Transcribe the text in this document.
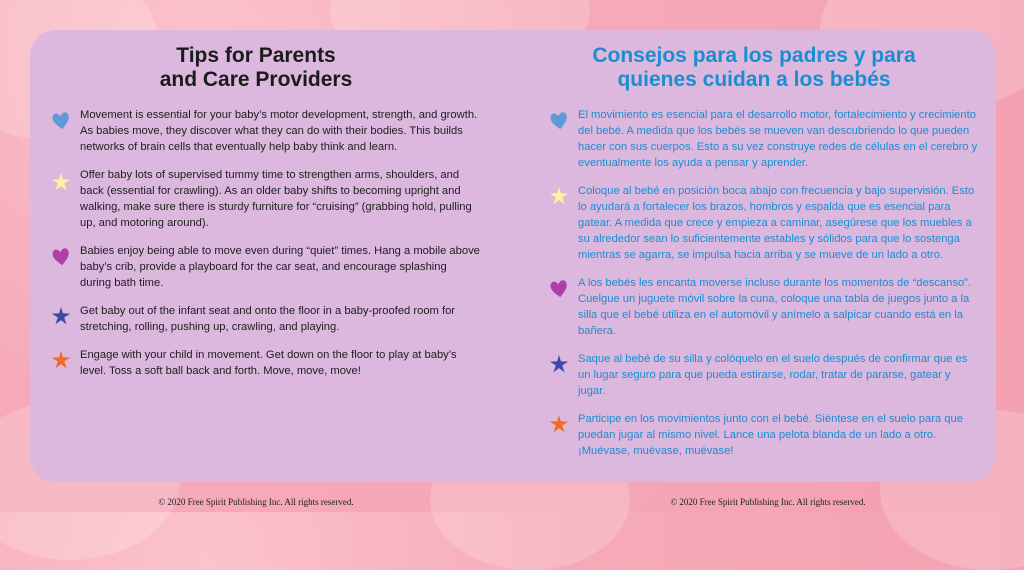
Tips for Parents
and Care Providers

Movement is essential for your baby’s motor development, strength, and growth. As babies move, they discover what they can do with their bodies. This builds networks of brain cells that eventually help baby think and learn.

Offer baby lots of supervised tummy time to strengthen arms, shoulders, and back (essential for crawling). As an older baby shifts to becoming upright and walking, make sure there is sturdy furniture for “cruising” (grabbing hold, pulling up, and motoring around).

Babies enjoy being able to move even during “quiet” times. Hang a mobile above baby’s crib, provide a playboard for the car seat, and encourage splashing during bath time.

Get baby out of the infant seat and onto the floor in a baby-proofed room for stretching, rolling, pushing up, crawling, and playing.

Engage with your child in movement. Get down on the floor to play at baby’s level. Toss a soft ball back and forth. Move, move, move!

Consejos para los padres y para
quienes cuidan a los bebés

El movimiento es esencial para el desarrollo motor, fortalecimiento y crecimiento del bebé. A medida que los bebés se mueven van descubriendo lo que pueden hacer con sus cuerpos. Esto a su vez construye redes de células en el cerebro y eventualmente los ayuda a pensar y aprender.

Coloque al bebé en posición boca abajo con frecuencia y bajo supervisión. Esto lo ayudará a fortalecer los brazos, hombros y espalda que es esencial para gatear. A medida que crece y empieza a caminar, asegúrese que los muebles a su alrededor sean lo suficientemente estables y sólidos para que lo sostenga mientras se agarra, se impulsa hacia arriba y se mueve de un lado a otro.

A los bebés les encanta moverse incluso durante los momentos de “descanso”. Cuelgue un juguete móvil sobre la cuna, coloque una tabla de juegos junto a la silla que el bebé utiliza en el automóvil y anímelo a salpicar cuando está en la bañera.

Saque al bebé de su silla y colóquelo en el suelo después de confirmar que es un lugar seguro para que pueda estirarse, rodar, tratar de pararse, gatear y jugar.

Participe en los movimientos junto con el bebé. Siéntese en el suelo para que puedan jugar al mismo nivel. Lance una pelota blanda de un lado a otro. ¡Muévase, muévase, muévase!

© 2020 Free Spirit Publishing Inc. All rights reserved.	© 2020 Free Spirit Publishing Inc. All rights reserved.
